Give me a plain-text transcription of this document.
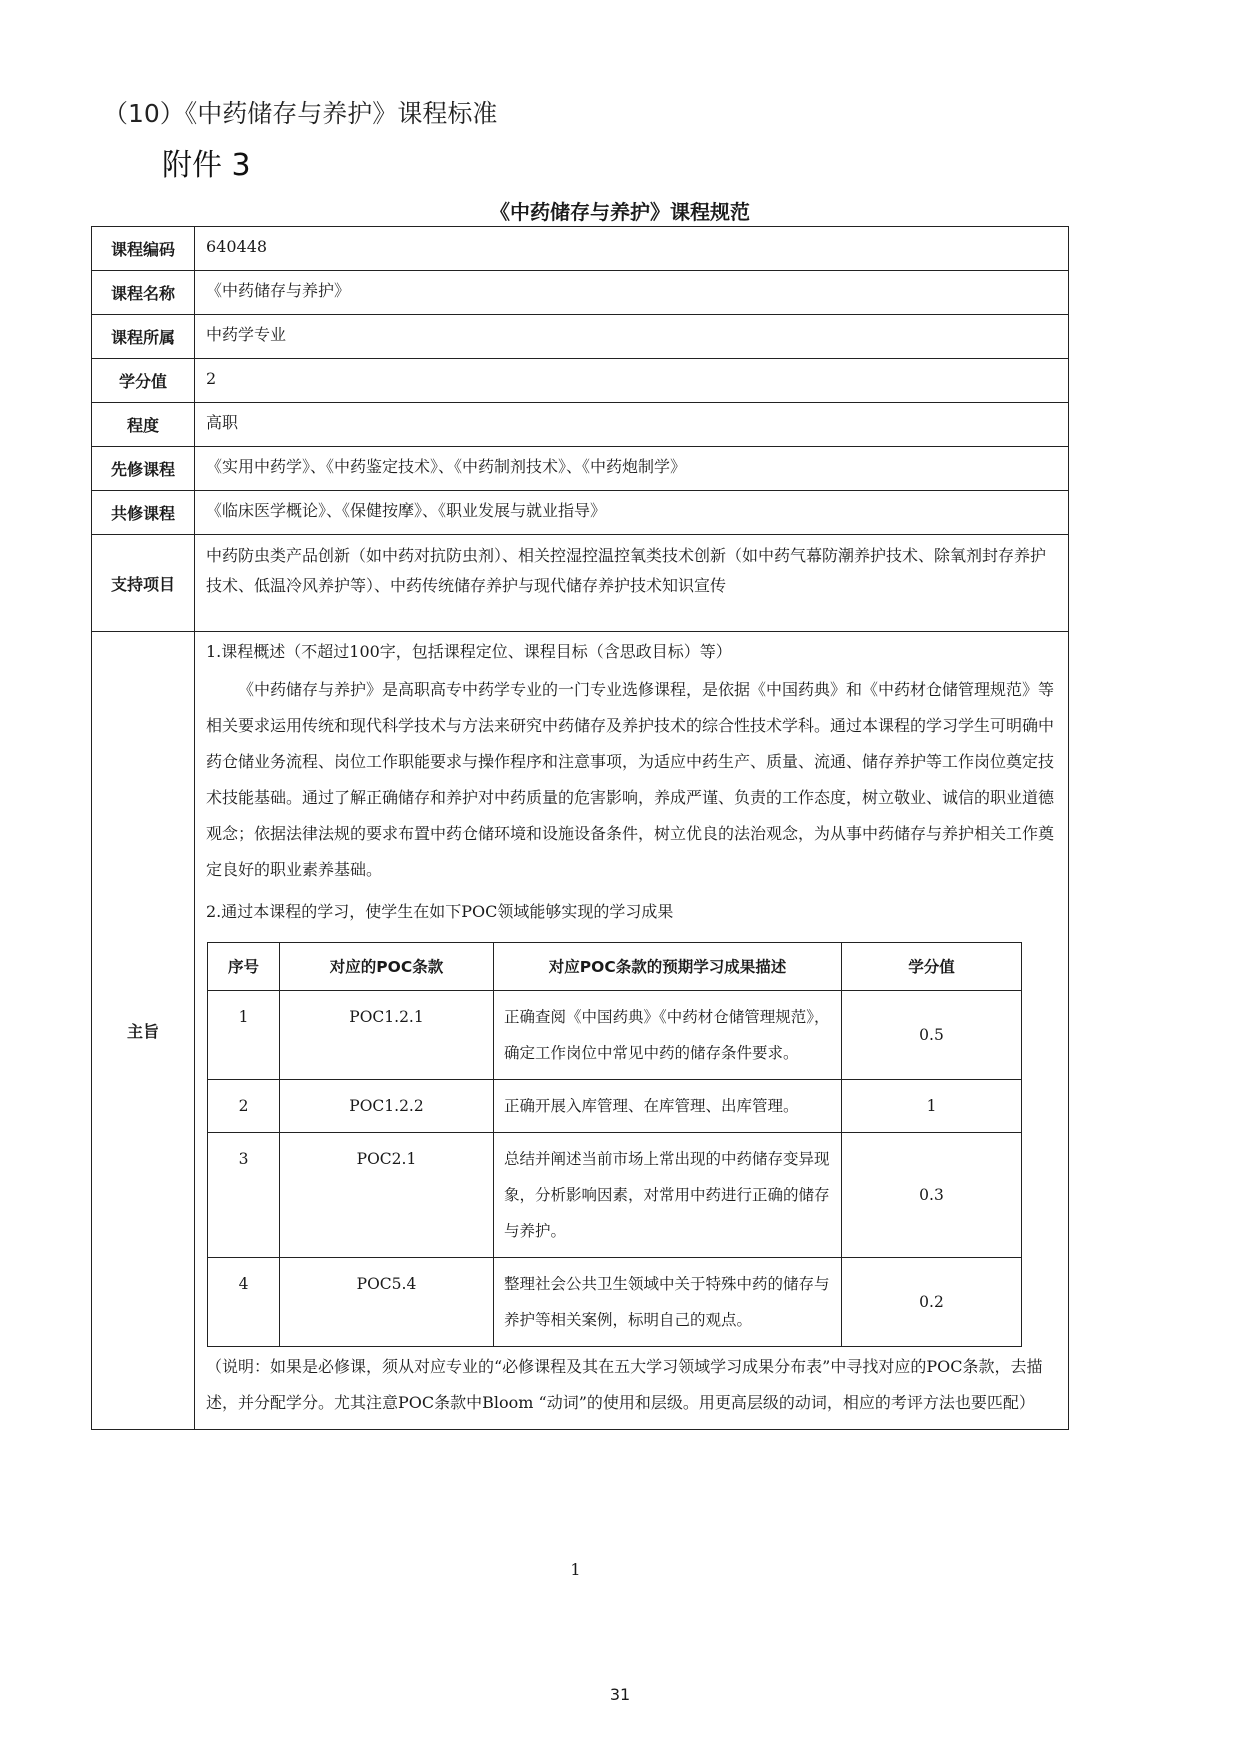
（10）《中药储存与养护》课程标准
附件 3
《中药储存与养护》课程规范
课程编码	640448
课程名称	《中药储存与养护》
课程所属	中药学专业
学分值	2
程度	高职
先修课程	《实用中药学》、《中药鉴定技术》、《中药制剂技术》、《中药炮制学》
共修课程	《临床医学概论》、《保健按摩》、《职业发展与就业指导》
支持项目	中药防虫类产品创新（如中药对抗防虫剂）、相关控湿控温控氧类技术创新（如中药气幕防潮养护技术、除氧剂封存养护技术、低温冷风养护等）、中药传统储存养护与现代储存养护技术知识宣传
主旨	

1.课程概述（不超过100字，包括课程定位、课程目标（含思政目标）等）

《中药储存与养护》是高职高专中药学专业的一门专业选修课程，是依据《中国药典》和《中药材仓储管理规范》等相关要求运用传统和现代科学技术与方法来研究中药储存及养护技术的综合性技术学科。通过本课程的学习学生可明确中药仓储业务流程、岗位工作职能要求与操作程序和注意事项，为适应中药生产、质量、流通、储存养护等工作岗位奠定技术技能基础。通过了解正确储存和养护对中药质量的危害影响，养成严谨、负责的工作态度，树立敬业、诚信的职业道德观念；依据法律法规的要求布置中药仓储环境和设施设备条件，树立优良的法治观念，为从事中药储存与养护相关工作奠定良好的职业素养基础。

2.通过本课程的学习，使学生在如下POC领域能够实现的学习成果

序号	对应的POC条款	对应POC条款的预期学习成果描述	学分值
1	POC1.2.1	正确查阅《中国药典》《中药材仓储管理规范》，确定工作岗位中常见中药的储存条件要求。	0.5
2	POC1.2.2	正确开展入库管理、在库管理、出库管理。	1
3	POC2.1	总结并阐述当前市场上常出现的中药储存变异现象，分析影响因素，对常用中药进行正确的储存与养护。	0.3
4	POC5.4	整理社会公共卫生领域中关于特殊中药的储存与养护等相关案例，标明自己的观点。	0.2

（说明：如果是必修课，须从对应专业的“必修课程及其在五大学习领域学习成果分布表”中寻找对应的POC条款，去描述，并分配学分。尤其注意POC条款中Bloom “动词”的使用和层级。用更高层级的动词，相应的考评方法也要匹配）

1
31
